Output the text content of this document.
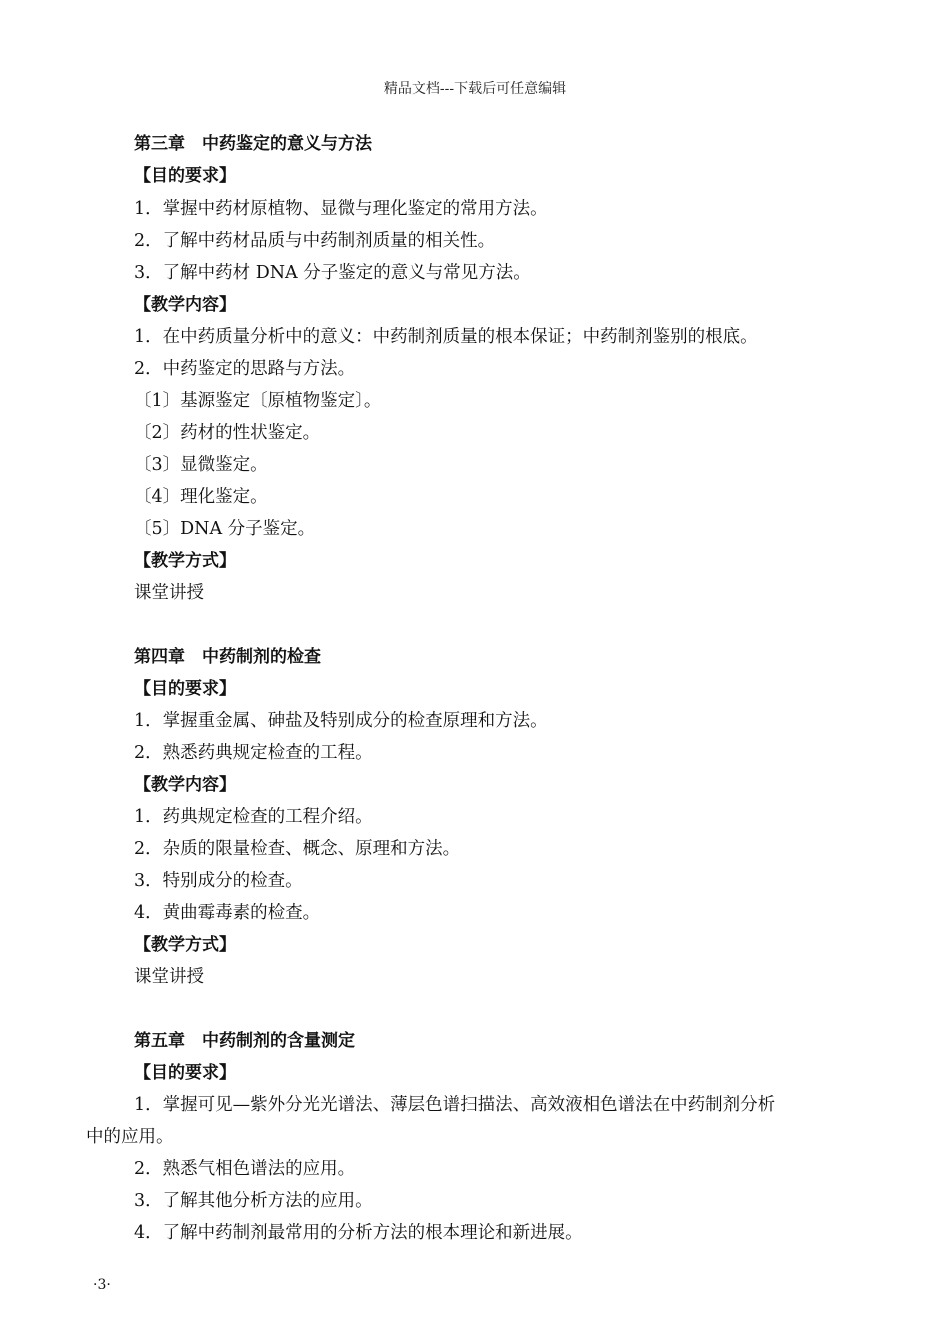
精品文档---下载后可任意编辑
第三章　中药鉴定的意义与方法
【目的要求】
1．掌握中药材原植物、显微与理化鉴定的常用方法。
2．了解中药材品质与中药制剂质量的相关性。
3．了解中药材 DNA 分子鉴定的意义与常见方法。
【教学内容】
1．在中药质量分析中的意义：中药制剂质量的根本保证；中药制剂鉴别的根底。
2．中药鉴定的思路与方法。
〔1〕基源鉴定〔原植物鉴定〕。
〔2〕药材的性状鉴定。
〔3〕显微鉴定。
〔4〕理化鉴定。
〔5〕DNA 分子鉴定。
【教学方式】
课堂讲授
第四章　中药制剂的检查
【目的要求】
1．掌握重金属、砷盐及特别成分的检查原理和方法。
2．熟悉药典规定检查的工程。
【教学内容】
1．药典规定检查的工程介绍。
2．杂质的限量检查、概念、原理和方法。
3．特别成分的检查。
4．黄曲霉毒素的检查。
【教学方式】
课堂讲授
第五章　中药制剂的含量测定
【目的要求】
1．掌握可见—紫外分光光谱法、薄层色谱扫描法、高效液相色谱法在中药制剂分析
中的应用。
2．熟悉气相色谱法的应用。
3．了解其他分析方法的应用。
4．了解中药制剂最常用的分析方法的根本理论和新进展。
·3·
